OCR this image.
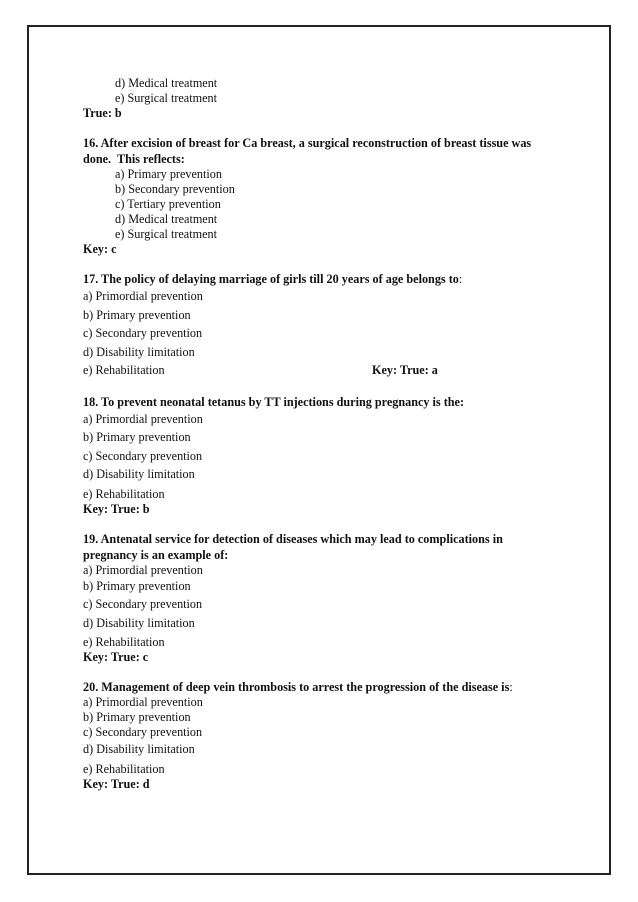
d) Medical treatment
e) Surgical treatment
True: b
16. After excision of breast for Ca breast, a surgical reconstruction of breast tissue was done.  This reflects:
a) Primary prevention
b) Secondary prevention
c) Tertiary prevention
d) Medical treatment
e) Surgical treatment
Key: c
17. The policy of delaying marriage of girls till 20 years of age belongs to:
a) Primordial prevention
b) Primary prevention
c) Secondary prevention
d) Disability limitation
e) Rehabilitation	Key: True: a
18. To prevent neonatal tetanus by TT injections during pregnancy is the:
a) Primordial prevention
b) Primary prevention
c) Secondary prevention
d) Disability limitation
e) Rehabilitation
Key: True: b
19. Antenatal service for detection of diseases which may lead to complications in pregnancy is an example of:
a) Primordial prevention
b) Primary prevention
c) Secondary prevention
d) Disability limitation
e) Rehabilitation
Key: True: c
20. Management of deep vein thrombosis to arrest the progression of the disease is:
a) Primordial prevention
b) Primary prevention
c) Secondary prevention
d) Disability limitation
e) Rehabilitation
Key: True: d
